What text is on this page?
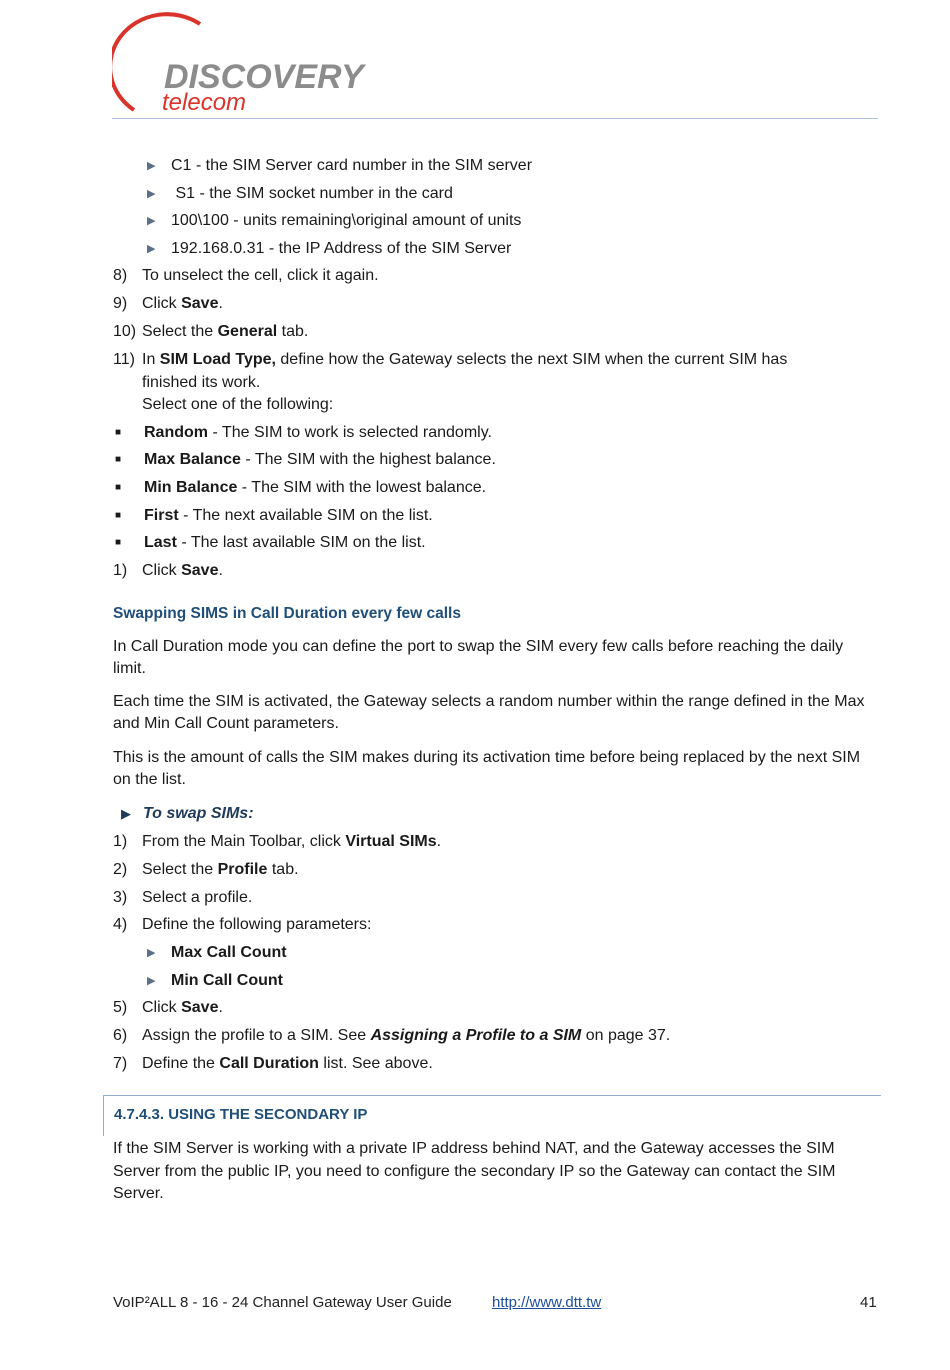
DISCOVERY
telecom
▶ C1 - the SIM Server card number in the SIM server
▶ S1 - the SIM socket number in the card
▶ 100\100 - units remaining\original amount of units
▶ 192.168.0.31 - the IP Address of the SIM Server
8) To unselect the cell, click it again.
9) Click Save.
10) Select the General tab.
11) In SIM Load Type, define how the Gateway selects the next SIM when the current SIM has
finished its work.
Select one of the following:
■ Random - The SIM to work is selected randomly.
■ Max Balance - The SIM with the highest balance.
■ Min Balance - The SIM with the lowest balance.
■ First - The next available SIM on the list.
■ Last - The last available SIM on the list.
1) Click Save.
Swapping SIMS in Call Duration every few calls
In Call Duration mode you can define the port to swap the SIM every few calls before reaching the daily limit.
Each time the SIM is activated, the Gateway selects a random number within the range defined in the Max and Min Call Count parameters.
This is the amount of calls the SIM makes during its activation time before being replaced by the next SIM on the list.
▶ To swap SIMs:
1) From the Main Toolbar, click Virtual SIMs.
2) Select the Profile tab.
3) Select a profile.
4) Define the following parameters:
▶ Max Call Count
▶ Min Call Count
5) Click Save.
6) Assign the profile to a SIM. See Assigning a Profile to a SIM on page 37.
7) Define the Call Duration list. See above.
4.7.4.3. USING THE SECONDARY IP
If the SIM Server is working with a private IP address behind NAT, and the Gateway accesses the SIM Server from the public IP, you need to configure the secondary IP so the Gateway can contact the SIM Server.
VoIP²ALL 8 - 16 - 24 Channel Gateway User Guide	http://www.dtt.tw	41
